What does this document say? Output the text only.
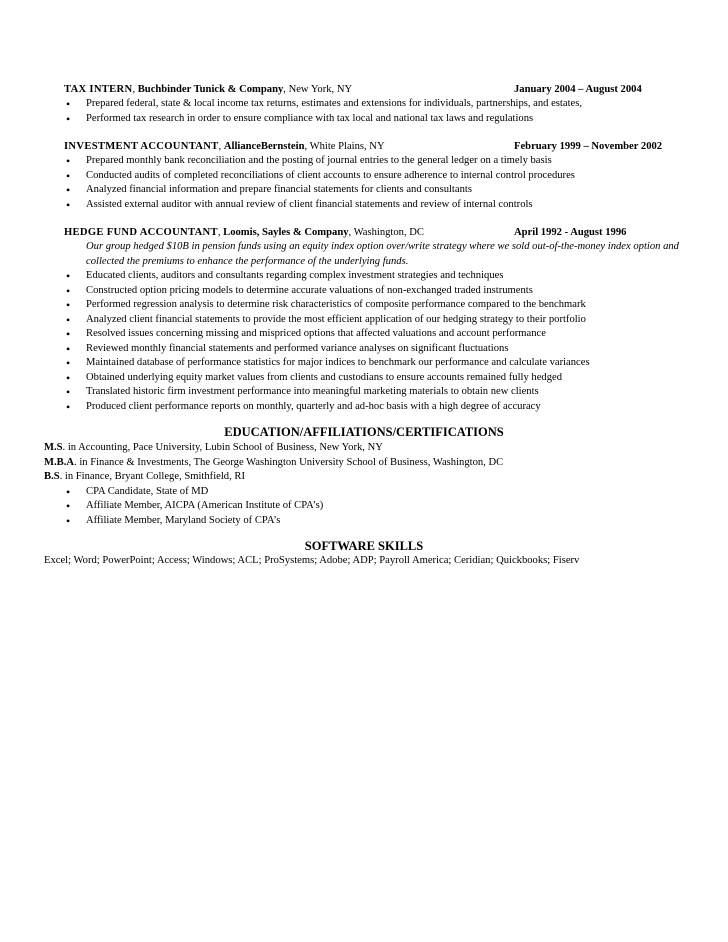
TAX INTERN, Buchbinder Tunick & Company, New York, NY	January 2004 – August 2004
• Prepared federal, state & local income tax returns, estimates and extensions for individuals, partnerships, and estates,
• Performed tax research in order to ensure compliance with tax local and national tax laws and regulations
INVESTMENT ACCOUNTANT, AllianceBernstein, White Plains, NY	February 1999 – November 2002
• Prepared monthly bank reconciliation and the posting of journal entries to the general ledger on a timely basis
• Conducted audits of completed reconciliations of client accounts to ensure adherence to internal control procedures
• Analyzed financial information and prepare financial statements for clients and consultants
• Assisted external auditor with annual review of client financial statements and review of internal controls
HEDGE FUND ACCOUNTANT, Loomis, Sayles & Company, Washington, DC	April 1992 - August 1996
Our group hedged $10B in pension funds using an equity index option over/write strategy where we sold out-of-the-money index option and collected the premiums to enhance the performance of the underlying funds.
• Educated clients, auditors and consultants regarding complex investment strategies and techniques
• Constructed option pricing models to determine accurate valuations of non-exchanged traded instruments
• Performed regression analysis to determine risk characteristics of composite performance compared to the benchmark
• Analyzed client financial statements to provide the most efficient application of our hedging strategy to their portfolio
• Resolved issues concerning missing and mispriced options that affected valuations and account performance
• Reviewed monthly financial statements and performed variance analyses on significant fluctuations
• Maintained database of performance statistics for major indices to benchmark our performance and calculate variances
• Obtained underlying equity market values from clients and custodians to ensure accounts remained fully hedged
• Translated historic firm investment performance into meaningful marketing materials to obtain new clients
• Produced client performance reports on monthly, quarterly and ad-hoc basis with a high degree of accuracy
EDUCATION/AFFILIATIONS/CERTIFICATIONS
M.S. in Accounting, Pace University, Lubin School of Business, New York, NY
M.B.A. in Finance & Investments, The George Washington University School of Business, Washington, DC
B.S. in Finance, Bryant College, Smithfield, RI
• CPA Candidate, State of MD
• Affiliate Member, AICPA (American Institute of CPA’s)
• Affiliate Member, Maryland Society of CPA’s
SOFTWARE SKILLS
Excel; Word; PowerPoint; Access; Windows; ACL; ProSystems; Adobe; ADP; Payroll America; Ceridian; Quickbooks; Fiserv
